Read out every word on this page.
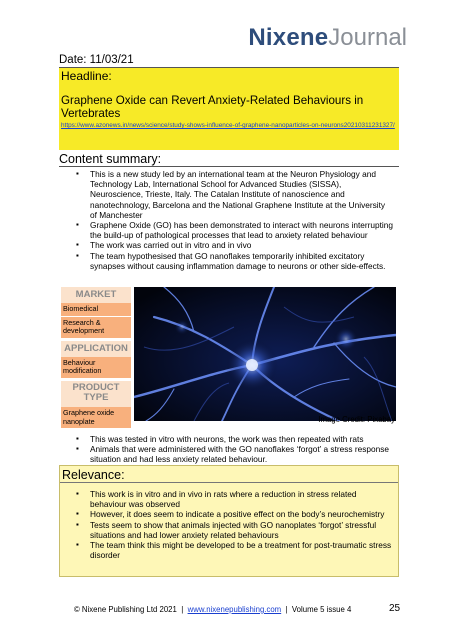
NixeneJournal
Date: 11/03/21
Headline:
Graphene Oxide can Revert Anxiety-Related Behaviours in Vertebrates
https://www.azonews.in/news/science/study-shows-influence-of-graphene-nanoparticles-on-neurons20210311231327/
Content summary:
▪ This is a new study led by an international team at the Neuron Physiology and Technology Lab, International School for Advanced Studies (SISSA), Neuroscience, Trieste, Italy. The Catalan Institute of nanoscience and nanotechnology, Barcelona and the National Graphene Institute at the University of Manchester
▪ Graphene Oxide (GO) has been demonstrated to interact with neurons interrupting the build-up of pathological processes that lead to anxiety related behaviour
▪ The work was carried out in vitro and in vivo
▪ The team hypothesised that GO nanoflakes temporarily inhibited excitatory synapses without causing inflammation damage to neurons or other side-effects.
MARKET
Biomedical
Research & development
APPLICATION
Behaviour modification
PRODUCT TYPE
Graphene oxide nanoplate	Image Credit: Pixabay
▪ This was tested in vitro with neurons, the work was then repeated with rats
▪ Animals that were administered with the GO nanoflakes ‘forgot’ a stress response situation and had less anxiety related behaviour.
Relevance:
▪ This work is in vitro and in vivo in rats where a reduction in stress related behaviour was observed
▪ However, it does seem to indicate a positive effect on the body’s neurochemistry
▪ Tests seem to show that animals injected with GO nanoplates ‘forgot’ stressful situations and had lower anxiety related behaviours
▪ The team think this might be developed to be a treatment for post-traumatic stress disorder
© Nixene Publishing Ltd 2021 | www.nixenepublishing.com | Volume 5 issue 4	25
